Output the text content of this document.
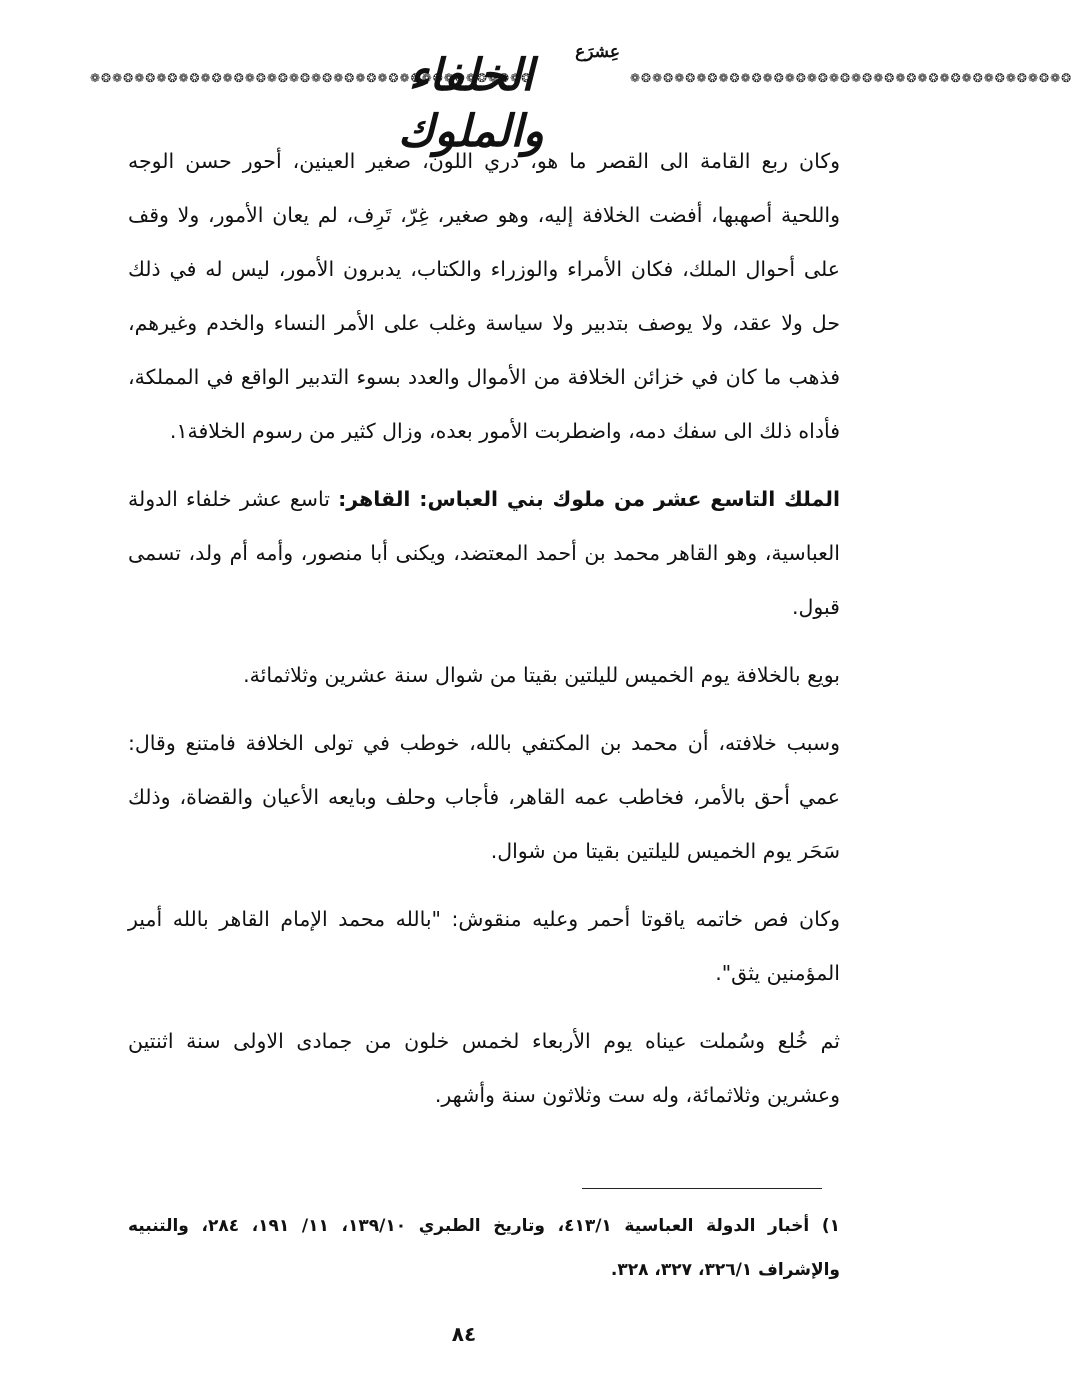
❁❂❁❂❁❂❁❂❁❂❁❂❁❂❁❂❁❂❁❂❁❂❁❂❁❂❁❂❁❂❁❂❁❂❁❂❁❂❁❂
عِشرَع
الخلفاء والملوك
❁❂❁❂❁❂❁❂❁❂❁❂❁❂❁❂❁❂❁❂❁❂❁❂❁❂❁❂❁❂❁❂❁❂❁❂❁❂❁❂

وكان ربع القامة الى القصر ما هو، دري اللون، صغير العينين، أحور حسن الوجه واللحية أصهبها، أفضت الخلافة إليه، وهو صغير، غِرّ، تَرِف، لم يعان الأمور، ولا وقف على أحوال الملك، فكان الأمراء والوزراء والكتاب، يدبرون الأمور، ليس له في ذلك حل ولا عقد، ولا يوصف بتدبير ولا سياسة وغلب على الأمر النساء والخدم وغيرهم، فذهب ما كان في خزائن الخلافة من الأموال والعدد بسوء التدبير الواقع في المملكة، فأداه ذلك الى سفك دمه، واضطربت الأمور بعده، وزال كثير من رسوم الخلافة١.

الملك التاسع عشر من ملوك بني العباس: القاهر: تاسع عشر خلفاء الدولة العباسية، وهو القاهر محمد بن أحمد المعتضد، ويكنى أبا منصور، وأمه أم ولد، تسمى قبول.

بويع بالخلافة يوم الخميس لليلتين بقيتا من شوال سنة عشرين وثلاثمائة.

وسبب خلافته، أن محمد بن المكتفي بالله، خوطب في تولى الخلافة فامتنع وقال: عمي أحق بالأمر، فخاطب عمه القاهر، فأجاب وحلف وبايعه الأعيان والقضاة، وذلك سَحَر يوم الخميس لليلتين بقيتا من شوال.

وكان فص خاتمه ياقوتا أحمر وعليه منقوش: "بالله محمد الإمام القاهر بالله أمير المؤمنين يثق".

ثم خُلع وسُملت عيناه يوم الأربعاء لخمس خلون من جمادى الاولى سنة اثنتين وعشرين وثلاثمائة، وله ست وثلاثون سنة وأشهر.

١) أخبار الدولة العباسية ٤١٣/١، وتاريخ الطبري ١٣٩/١٠، ١١/ ١٩١، ٢٨٤، والتنبيه والإشراف ٣٢٦/١، ٣٢٧، ٣٢٨.
٨٤
